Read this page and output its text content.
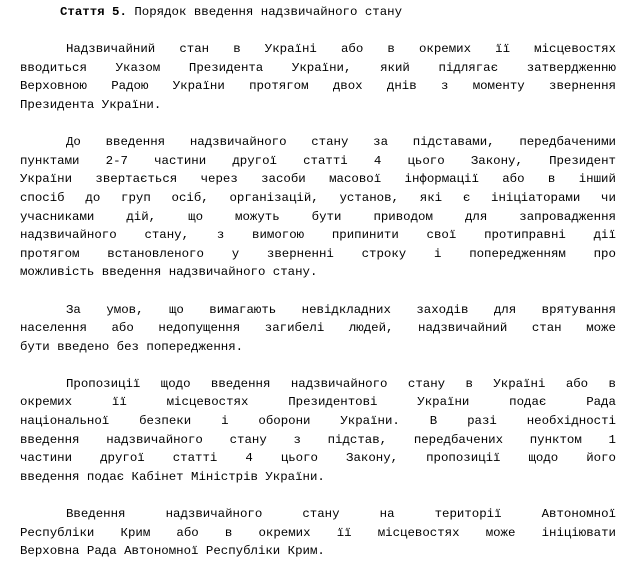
Стаття 5. Порядок введення надзвичайного стану
Надзвичайний стан в Україні або в окремих її місцевостях
вводиться Указом Президента України, який підлягає затвердженню
Верховною Радою України протягом двох днів з моменту звернення
Президента України.
До введення надзвичайного стану за підставами, передбаченими
пунктами 2-7 частини другої статті 4 цього Закону, Президент
України звертається через засоби масової інформації або в інший
спосіб до груп осіб, організацій, установ, які є ініціаторами чи
учасниками	дій,	що	можуть	бути	приводом	для	запровадження
надзвичайного стану, з вимогою припинити свої протиправні дії
протягом встановленого у зверненні строку і попередженням про
можливість введення надзвичайного стану.
За умов, що вимагають невідкладних заходів для врятування
населення або недопущення загибелі людей, надзвичайний стан може
бути введено без попередження.
Пропозиції щодо введення надзвичайного стану в Україні або в
окремих	її	місцевостях	Президентові	України	подає	Рада
національної безпеки і оборони України. В разі необхідності
введення надзвичайного стану з підстав, передбачених пунктом 1
частини другої статті 4 цього Закону, пропозиції щодо його
введення подає Кабінет Міністрів України.
Введення	надзвичайного	стану	на	території	Автономної
Республіки Крим або в окремих її місцевостях може ініціювати
Верховна Рада Автономної Республіки Крим.
